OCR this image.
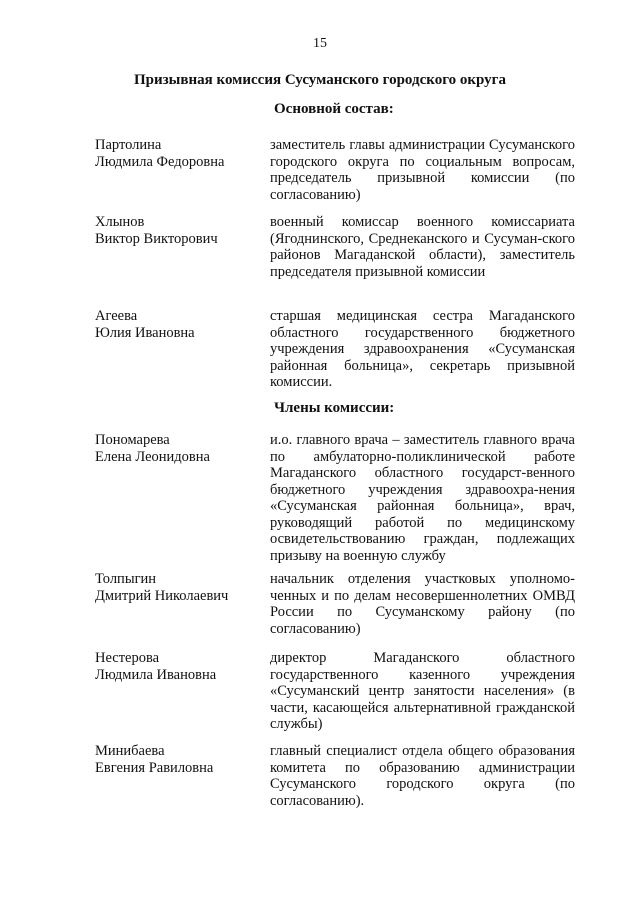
15
Призывная комиссия Сусуманского городского округа
Основной состав:
Партолина
Людмила Федоровна
заместитель главы администрации Сусуманского городского округа по социальным вопросам, председатель призывной комиссии (по согласованию)
Хлынов
Виктор Викторович
военный комиссар военного комиссариата (Ягоднинского, Среднеканского и Сусуман-ского районов Магаданской области), заместитель председателя призывной комиссии
Агеева
Юлия Ивановна
старшая медицинская сестра Магаданского областного государственного бюджетного учреждения здравоохранения «Сусуманская районная больница», секретарь призывной комиссии.
Члены комиссии:
Пономарева
Елена Леонидовна
и.о. главного врача – заместитель главного врача по амбулаторно-поликлинической работе Магаданского областного государст-венного бюджетного учреждения здравоохра-нения «Сусуманская районная больница», врач, руководящий работой по медицинскому освидетельствованию граждан, подлежащих призыву на военную службу
Толпыгин
Дмитрий Николаевич
начальник отделения участковых уполномо-ченных и по делам несовершеннолетних ОМВД России по Сусуманскому району (по согласованию)
Нестерова
Людмила Ивановна
директор Магаданского областного государственного казенного учреждения «Сусуманский центр занятости населения» (в части, касающейся альтернативной гражданской службы)
Минибаева
Евгения Равиловна
главный специалист отдела общего образования комитета по образованию администрации Сусуманского городского округа (по согласованию).
